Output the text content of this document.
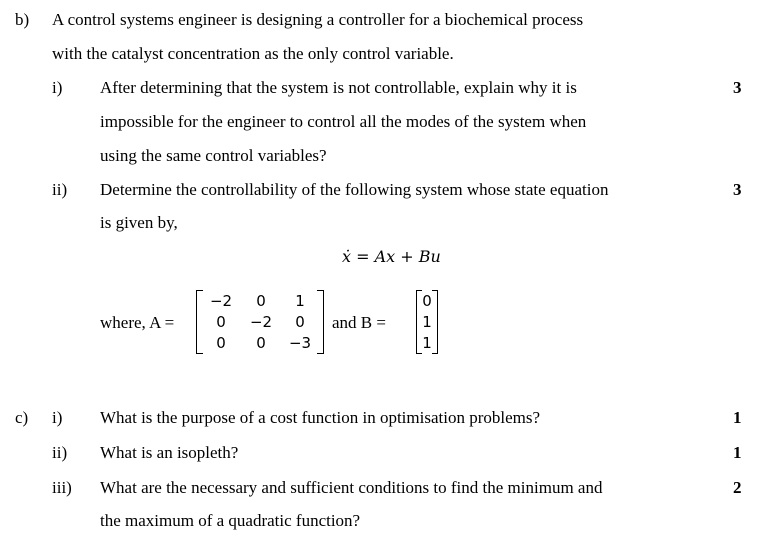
b) A control systems engineer is designing a controller for a biochemical process
with the catalyst concentration as the only control variable.
i) After determining that the system is not controllable, explain why it is	3
impossible for the engineer to control all the modes of the system when
using the same control variables?
ii) Determine the controllability of the following system whose state equation	3
is given by,
ẋ = Ax + Bu
where, A =
−2	0	1
0	−2	0
0	0	−3
and B =
0
1
1
c) i) What is the purpose of a cost function in optimisation problems?	1
ii) What is an isopleth?	1
iii) What are the necessary and sufficient conditions to find the minimum and	2
the maximum of a quadratic function?
